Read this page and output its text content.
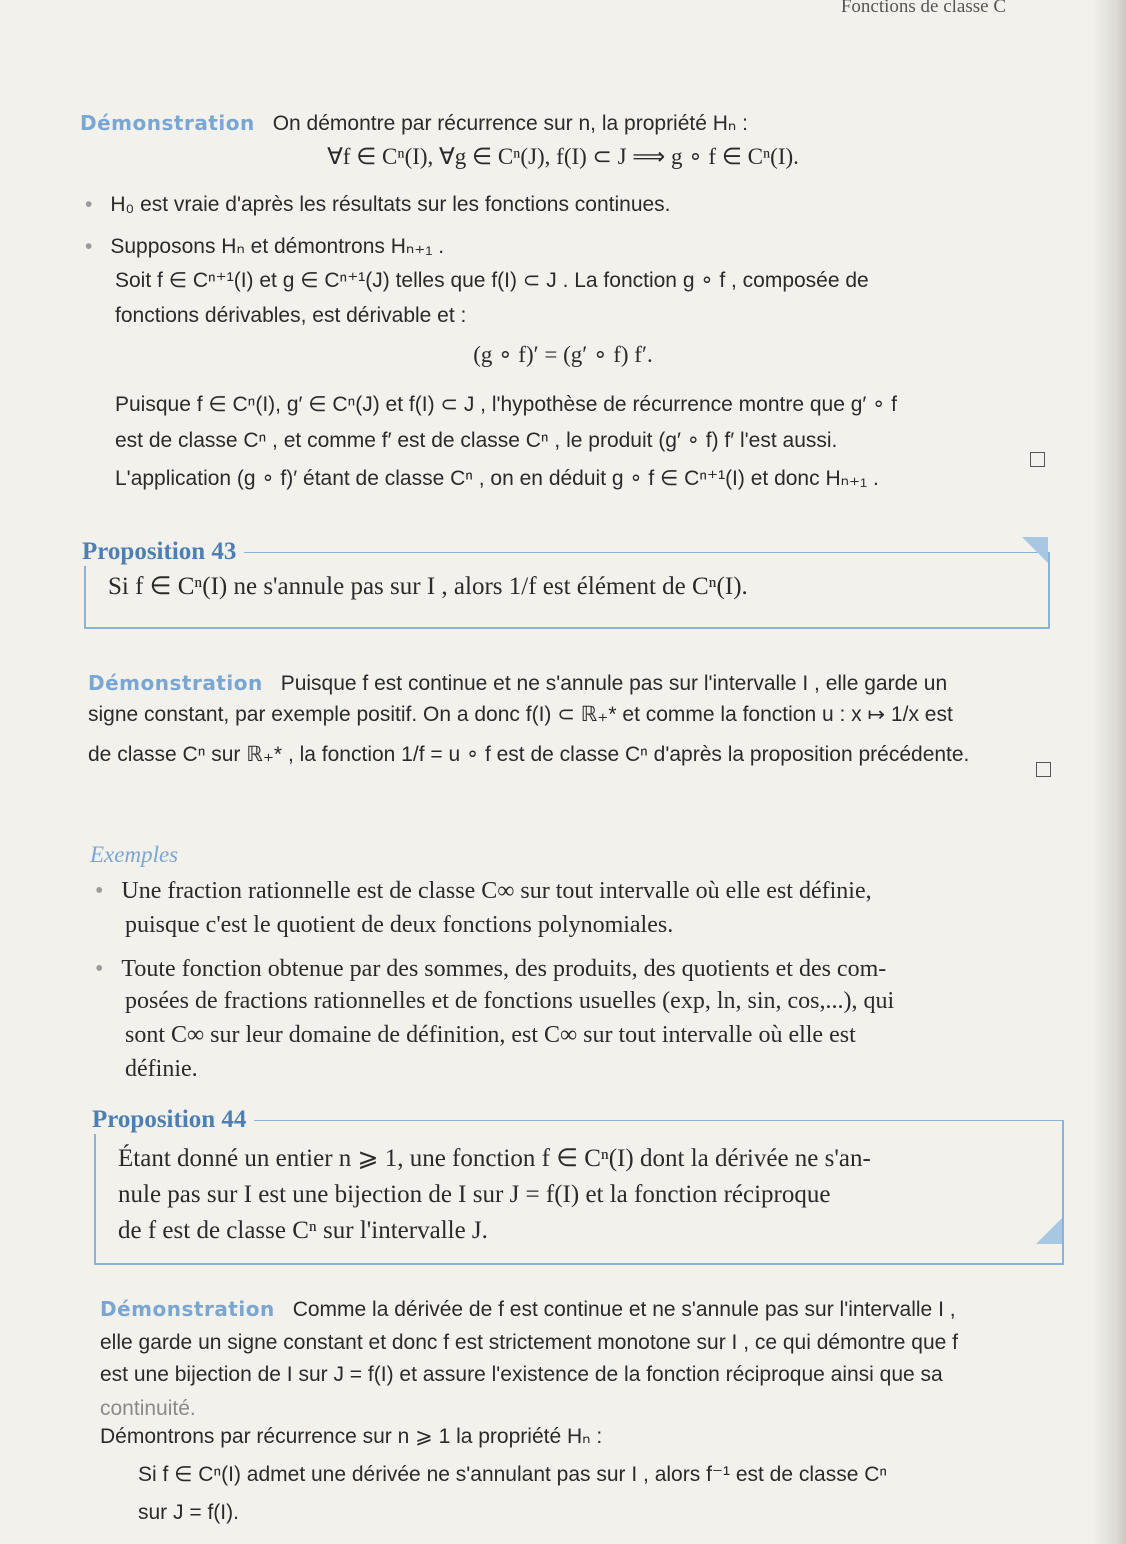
Fonctions de classe C
Démonstration On démontre par récurrence sur n, la propriété Hₙ :
∀f ∈ Cⁿ(I), ∀g ∈ Cⁿ(J), f(I) ⊂ J ⟹ g ∘ f ∈ Cⁿ(I).
• H₀ est vraie d'après les résultats sur les fonctions continues.
• Supposons Hₙ et démontrons Hₙ₊₁ .
Soit f ∈ Cⁿ⁺¹(I) et g ∈ Cⁿ⁺¹(J) telles que f(I) ⊂ J . La fonction g ∘ f , composée de
fonctions dérivables, est dérivable et :
(g ∘ f)′ = (g′ ∘ f) f′.
Puisque f ∈ Cⁿ(I), g′ ∈ Cⁿ(J) et f(I) ⊂ J , l'hypothèse de récurrence montre que g′ ∘ f
est de classe Cⁿ , et comme f′ est de classe Cⁿ , le produit (g′ ∘ f) f′ l'est aussi.
L'application (g ∘ f)′ étant de classe Cⁿ , on en déduit g ∘ f ∈ Cⁿ⁺¹(I) et donc Hₙ₊₁ .
Proposition 43
Si f ∈ Cⁿ(I) ne s'annule pas sur I , alors 1/f est élément de Cⁿ(I).
Démonstration Puisque f est continue et ne s'annule pas sur l'intervalle I , elle garde un
signe constant, par exemple positif. On a donc f(I) ⊂ ℝ₊* et comme la fonction u : x ↦ 1/x est
de classe Cⁿ sur ℝ₊* , la fonction 1/f = u ∘ f est de classe Cⁿ d'après la proposition précédente.
Exemples
• Une fraction rationnelle est de classe C∞ sur tout intervalle où elle est définie,
puisque c'est le quotient de deux fonctions polynomiales.
• Toute fonction obtenue par des sommes, des produits, des quotients et des com-
posées de fractions rationnelles et de fonctions usuelles (exp, ln, sin, cos,...), qui
sont C∞ sur leur domaine de définition, est C∞ sur tout intervalle où elle est
définie.
Proposition 44
Étant donné un entier n ⩾ 1, une fonction f ∈ Cⁿ(I) dont la dérivée ne s'an-
nule pas sur I est une bijection de I sur J = f(I) et la fonction réciproque
de f est de classe Cⁿ sur l'intervalle J.
Démonstration Comme la dérivée de f est continue et ne s'annule pas sur l'intervalle I ,
elle garde un signe constant et donc f est strictement monotone sur I , ce qui démontre que f
est une bijection de I sur J = f(I) et assure l'existence de la fonction réciproque ainsi que sa
continuité.
Démontrons par récurrence sur n ⩾ 1 la propriété Hₙ :
Si f ∈ Cⁿ(I) admet une dérivée ne s'annulant pas sur I , alors f⁻¹ est de classe Cⁿ
sur J = f(I).
